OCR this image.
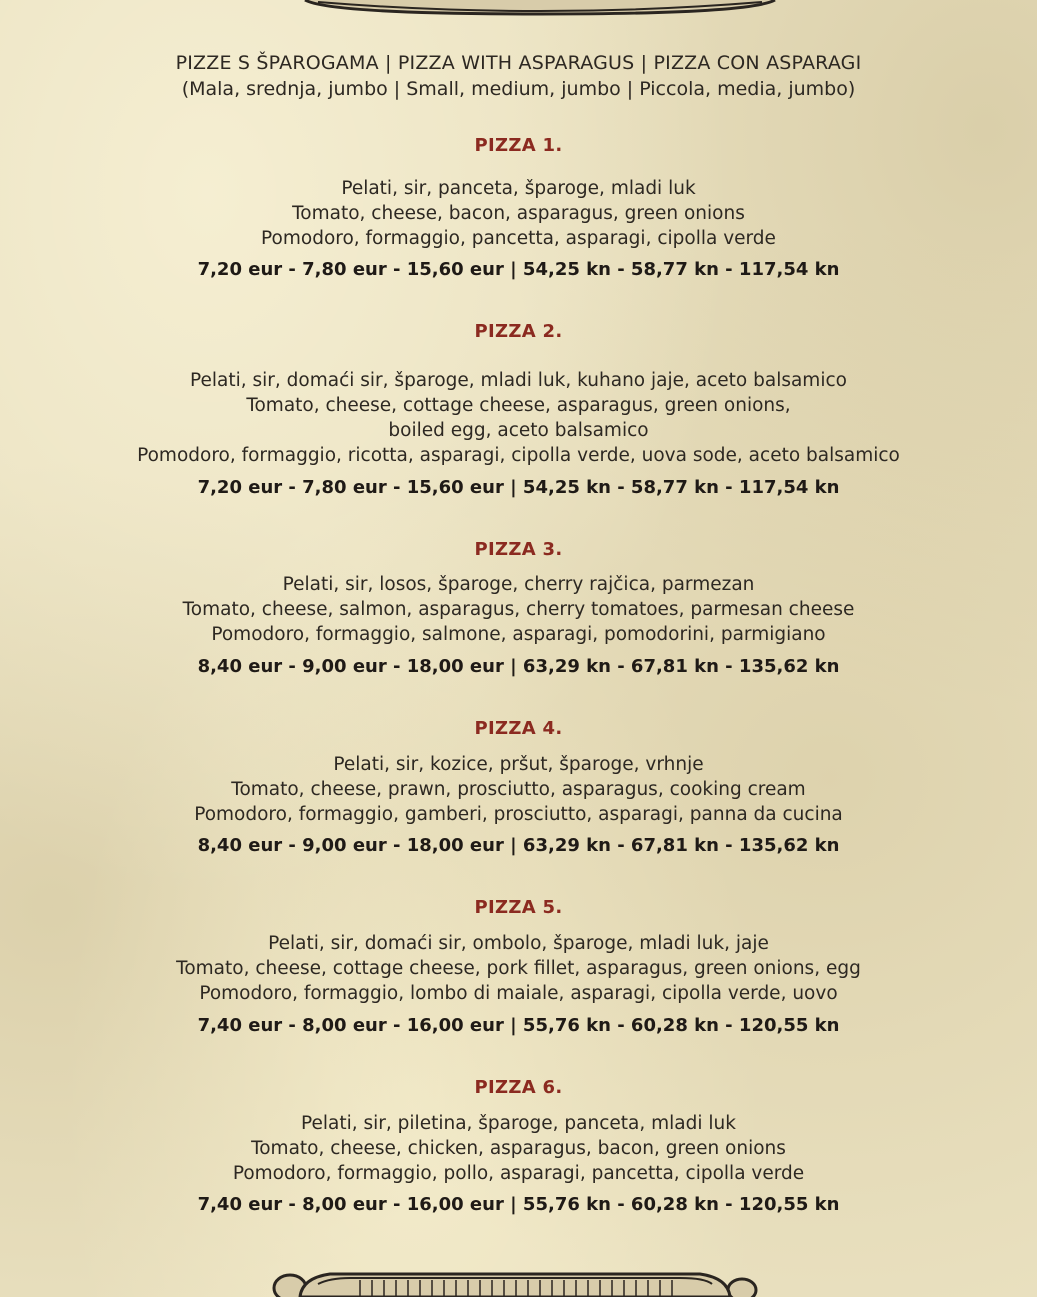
PIZZE S ŠPAROGAMA | PIZZA WITH ASPARAGUS | PIZZA CON ASPARAGI
(Mala, srednja, jumbo | Small, medium, jumbo | Piccola, media, jumbo)
PIZZA 1.
Pelati, sir, panceta, šparoge, mladi luk
Tomato, cheese, bacon, asparagus, green onions
Pomodoro, formaggio, pancetta, asparagi, cipolla verde
7,20 eur - 7,80 eur - 15,60 eur | 54,25 kn - 58,77 kn - 117,54 kn
PIZZA 2.
Pelati, sir, domaći sir, šparoge, mladi luk, kuhano jaje, aceto balsamico
Tomato, cheese, cottage cheese, asparagus, green onions,
boiled egg, aceto balsamico
Pomodoro, formaggio, ricotta, asparagi, cipolla verde, uova sode, aceto balsamico
7,20 eur - 7,80 eur - 15,60 eur | 54,25 kn - 58,77 kn - 117,54 kn
PIZZA 3.
Pelati, sir, losos, šparoge, cherry rajčica, parmezan
Tomato, cheese, salmon, asparagus, cherry tomatoes, parmesan cheese
Pomodoro, formaggio, salmone, asparagi, pomodorini, parmigiano
8,40 eur - 9,00 eur - 18,00 eur | 63,29 kn - 67,81 kn - 135,62 kn
PIZZA 4.
Pelati, sir, kozice, pršut, šparoge, vrhnje
Tomato, cheese, prawn, prosciutto, asparagus, cooking cream
Pomodoro, formaggio, gamberi, prosciutto, asparagi, panna da cucina
8,40 eur - 9,00 eur - 18,00 eur | 63,29 kn - 67,81 kn - 135,62 kn
PIZZA 5.
Pelati, sir, domaći sir, ombolo, šparoge, mladi luk, jaje
Tomato, cheese, cottage cheese, pork fillet, asparagus, green onions, egg
Pomodoro, formaggio, lombo di maiale, asparagi, cipolla verde, uovo
7,40 eur - 8,00 eur - 16,00 eur | 55,76 kn - 60,28 kn - 120,55 kn
PIZZA 6.
Pelati, sir, piletina, šparoge, panceta, mladi luk
Tomato, cheese, chicken, asparagus, bacon, green onions
Pomodoro, formaggio, pollo, asparagi, pancetta, cipolla verde
7,40 eur - 8,00 eur - 16,00 eur | 55,76 kn - 60,28 kn - 120,55 kn
